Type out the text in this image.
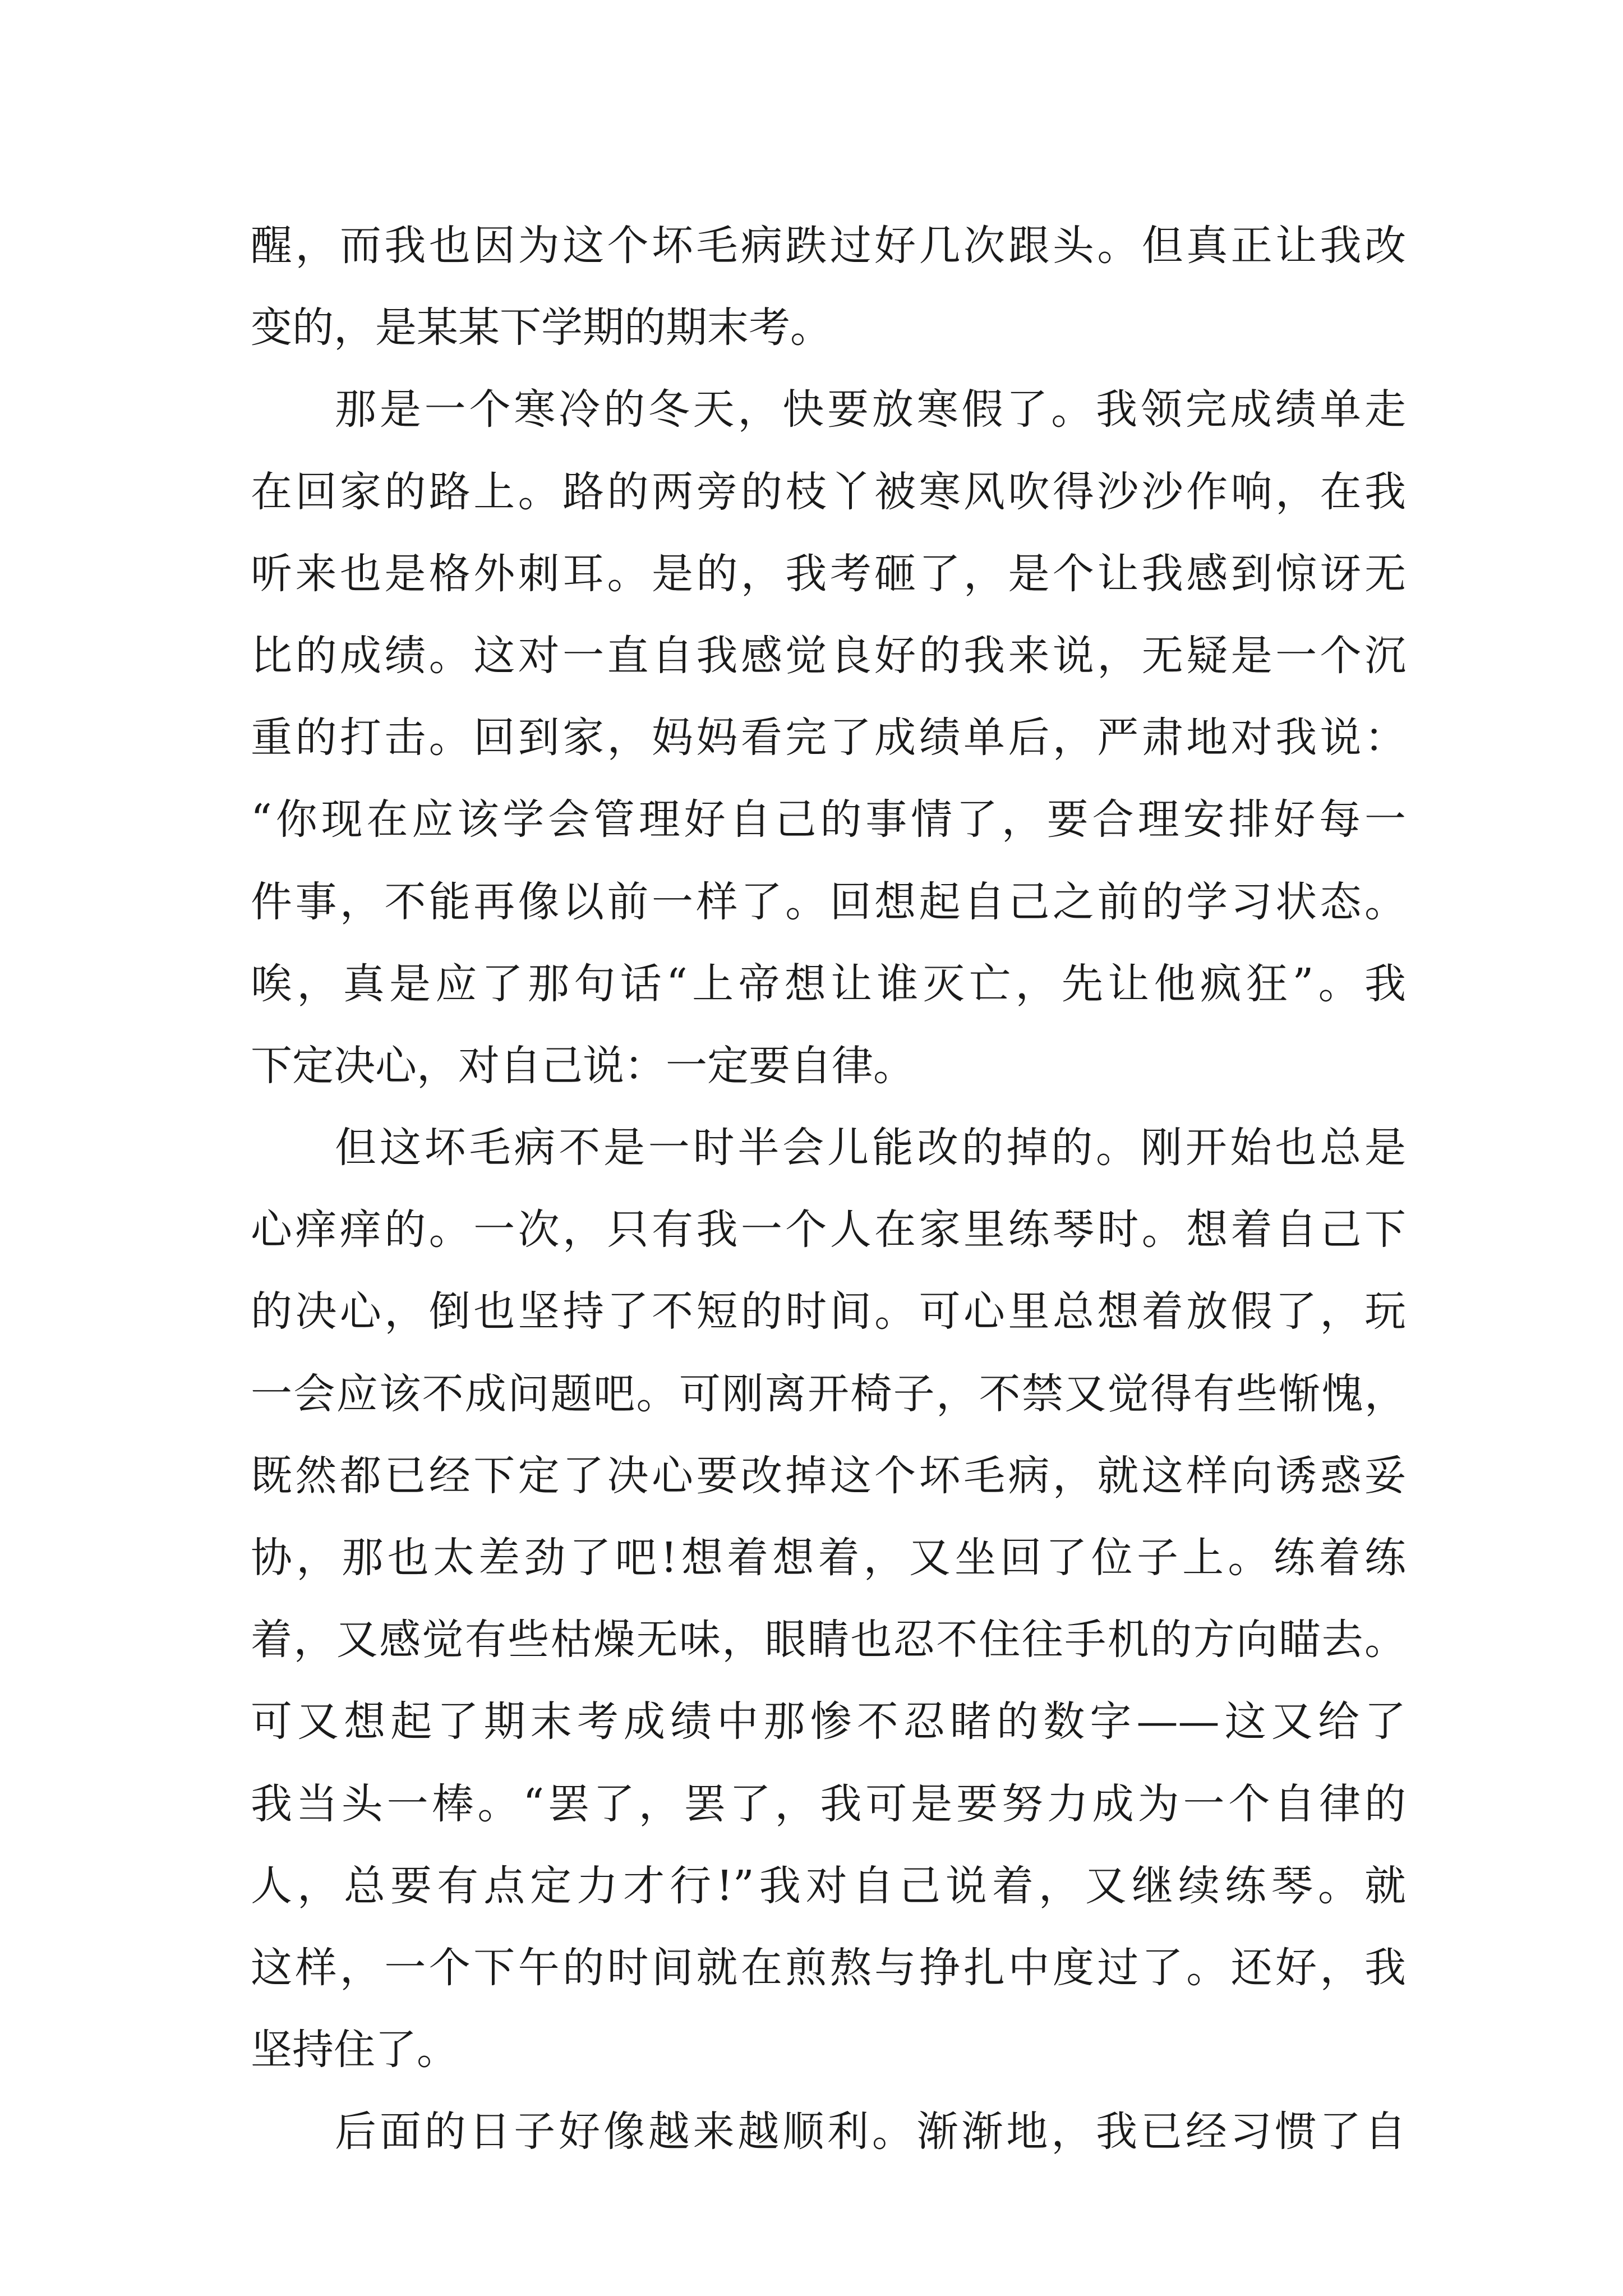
醒，而我也因为这个坏毛病跌过好几次跟头。但真正让我改
变的，是某某下学期的期末考。

那是一个寒冷的冬天，快要放寒假了。我领完成绩单走
在回家的路上。路的两旁的枝丫被寒风吹得沙沙作响，在我
听来也是格外刺耳。是的，我考砸了，是个让我感到惊讶无
比的成绩。这对一直自我感觉良好的我来说，无疑是一个沉
重的打击。回到家，妈妈看完了成绩单后，严肃地对我说：
“你现在应该学会管理好自己的事情了，要合理安排好每一
件事，不能再像以前一样了。回想起自己之前的学习状态。
唉，真是应了那句话“上帝想让谁灭亡，先让他疯狂”。我
下定决心，对自己说：一定要自律。

但这坏毛病不是一时半会儿能改的掉的。刚开始也总是
心痒痒的。一次，只有我一个人在家里练琴时。想着自己下
的决心，倒也坚持了不短的时间。可心里总想着放假了，玩
一会应该不成问题吧。可刚离开椅子，不禁又觉得有些惭愧，
既然都已经下定了决心要改掉这个坏毛病，就这样向诱惑妥
协，那也太差劲了吧!想着想着，又坐回了位子上。练着练
着，又感觉有些枯燥无味，眼睛也忍不住往手机的方向瞄去。
可又想起了期末考成绩中那惨不忍睹的数字——这又给了
我当头一棒。“罢了，罢了，我可是要努力成为一个自律的
人，总要有点定力才行!”我对自己说着，又继续练琴。就
这样，一个下午的时间就在煎熬与挣扎中度过了。还好，我
坚持住了。

后面的日子好像越来越顺利。渐渐地，我已经习惯了自
